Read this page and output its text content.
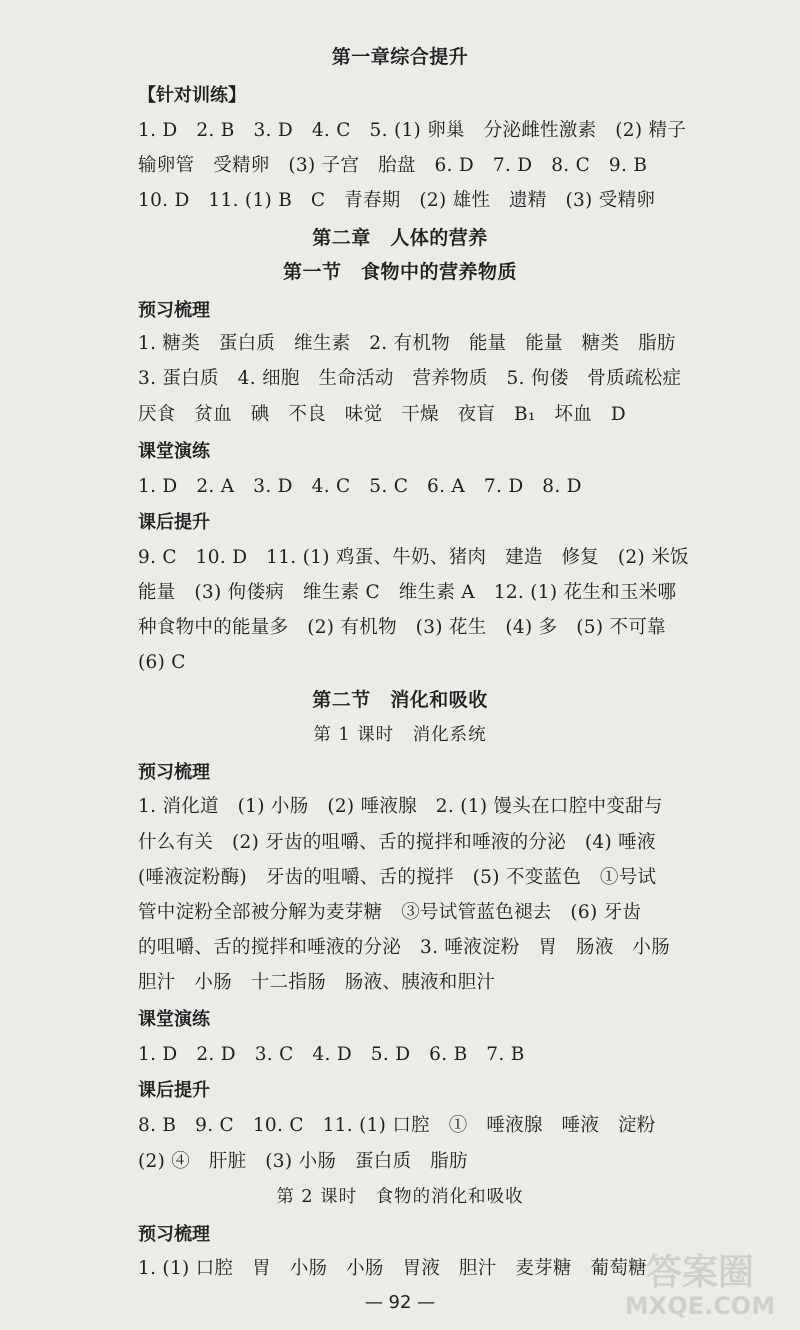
第一章综合提升
【针对训练】
1. D　2. B　3. D　4. C　5. (1) 卵巢　分泌雌性激素　(2) 精子
输卵管　受精卵　(3) 子宫　胎盘　6. D　7. D　8. C　9. B
10. D　11. (1) B　C　青春期　(2) 雄性　遗精　(3) 受精卵
第二章　人体的营养
第一节　食物中的营养物质
预习梳理
1. 糖类　蛋白质　维生素　2. 有机物　能量　能量　糖类　脂肪
3. 蛋白质　4. 细胞　生命活动　营养物质　5. 佝偻　骨质疏松症
厌食　贫血　碘　不良　味觉　干燥　夜盲　B₁　坏血　D
课堂演练
1. D　2. A　3. D　4. C　5. C　6. A　7. D　8. D
课后提升
9. C　10. D　11. (1) 鸡蛋、牛奶、猪肉　建造　修复　(2) 米饭
能量　(3) 佝偻病　维生素 C　维生素 A　12. (1) 花生和玉米哪
种食物中的能量多　(2) 有机物　(3) 花生　(4) 多　(5) 不可靠
(6) C
第二节　消化和吸收
第 1 课时　消化系统
预习梳理
1. 消化道　(1) 小肠　(2) 唾液腺　2. (1) 馒头在口腔中变甜与
什么有关　(2) 牙齿的咀嚼、舌的搅拌和唾液的分泌　(4) 唾液
(唾液淀粉酶)　牙齿的咀嚼、舌的搅拌　(5) 不变蓝色　①号试
管中淀粉全部被分解为麦芽糖　③号试管蓝色褪去　(6) 牙齿
的咀嚼、舌的搅拌和唾液的分泌　3. 唾液淀粉　胃　肠液　小肠
胆汁　小肠　十二指肠　肠液、胰液和胆汁
课堂演练
1. D　2. D　3. C　4. D　5. D　6. B　7. B
课后提升
8. B　9. C　10. C　11. (1) 口腔　①　唾液腺　唾液　淀粉
(2) ④　肝脏　(3) 小肠　蛋白质　脂肪
第 2 课时　食物的消化和吸收
预习梳理
1. (1) 口腔　胃　小肠　小肠　胃液　胆汁　麦芽糖　葡萄糖
— 92 —
答案圈
MXQE.COM
